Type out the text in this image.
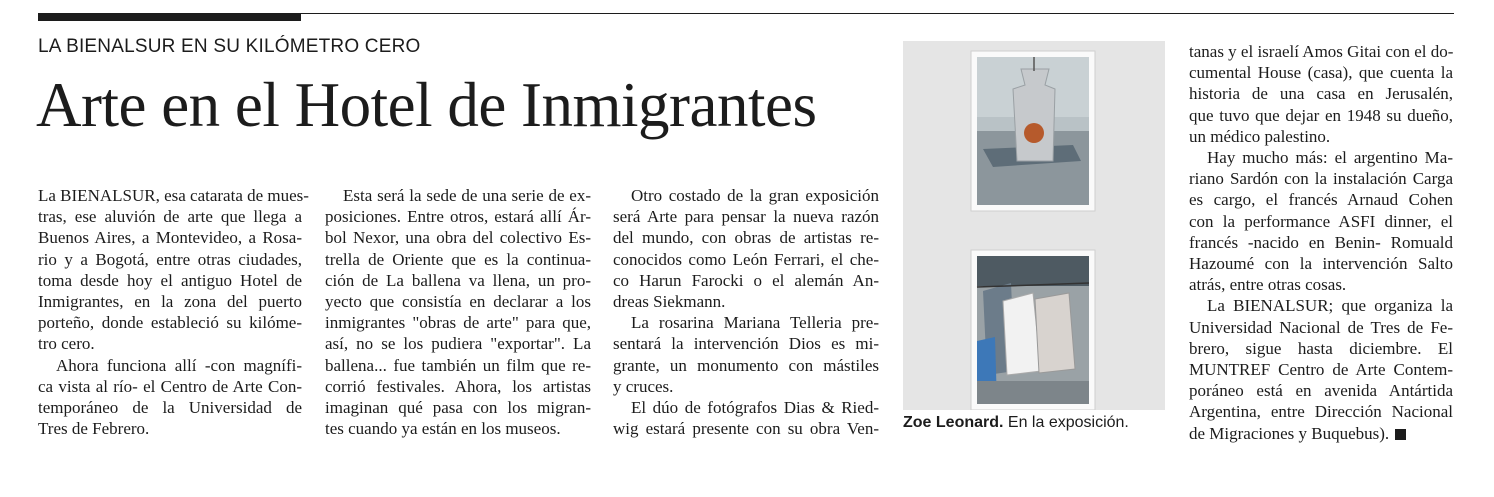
LA BIENALSUR EN SU KILÓMETRO CERO
Arte en el Hotel de Inmigrantes
La BIENALSUR, esa catarata de mues-
tras, ese aluvión de arte que llega a
Buenos Aires, a Montevideo, a Rosa-
rio y a Bogotá, entre otras ciudades,
toma desde hoy el antiguo Hotel de
Inmigrantes, en la zona del puerto
porteño, donde estableció su kilóme-
tro cero.
Ahora funciona allí -con magnífi-
ca vista al río- el Centro de Arte Con-
temporáneo de la Universidad de
Tres de Febrero.
Esta será la sede de una serie de ex-
posiciones. Entre otros, estará allí Ár-
bol Nexor, una obra del colectivo Es-
trella de Oriente que es la continua-
ción de La ballena va llena, un pro-
yecto que consistía en declarar a los
inmigrantes "obras de arte" para que,
así, no se los pudiera "exportar". La
ballena... fue también un film que re-
corrió festivales. Ahora, los artistas
imaginan qué pasa con los migran-
tes cuando ya están en los museos.
Otro costado de la gran exposición
será Arte para pensar la nueva razón
del mundo, con obras de artistas re-
conocidos como León Ferrari, el che-
co Harun Farocki o el alemán An-
dreas Siekmann.
La rosarina Mariana Telleria pre-
sentará la intervención Dios es mi-
grante, un monumento con mástiles
y cruces.
El dúo de fotógrafos Dias & Ried-
wig estará presente con su obra Ven- Zoe Leonard. En la exposición.
tanas y el israelí Amos Gitai con el do-
cumental House (casa), que cuenta la
historia de una casa en Jerusalén,
que tuvo que dejar en 1948 su dueño,
un médico palestino.
Hay mucho más: el argentino Ma-
riano Sardón con la instalación Carga
es cargo, el francés Arnaud Cohen
con la performance ASFI dinner, el
francés -nacido en Benin- Romuald
Hazoumé con la intervención Salto
atrás, entre otras cosas.
La BIENALSUR; que organiza la
Universidad Nacional de Tres de Fe-
brero, sigue hasta diciembre. El
MUNTREF Centro de Arte Contem-
poráneo está en avenida Antártida
Argentina, entre Dirección Nacional
de Migraciones y Buquebus).
